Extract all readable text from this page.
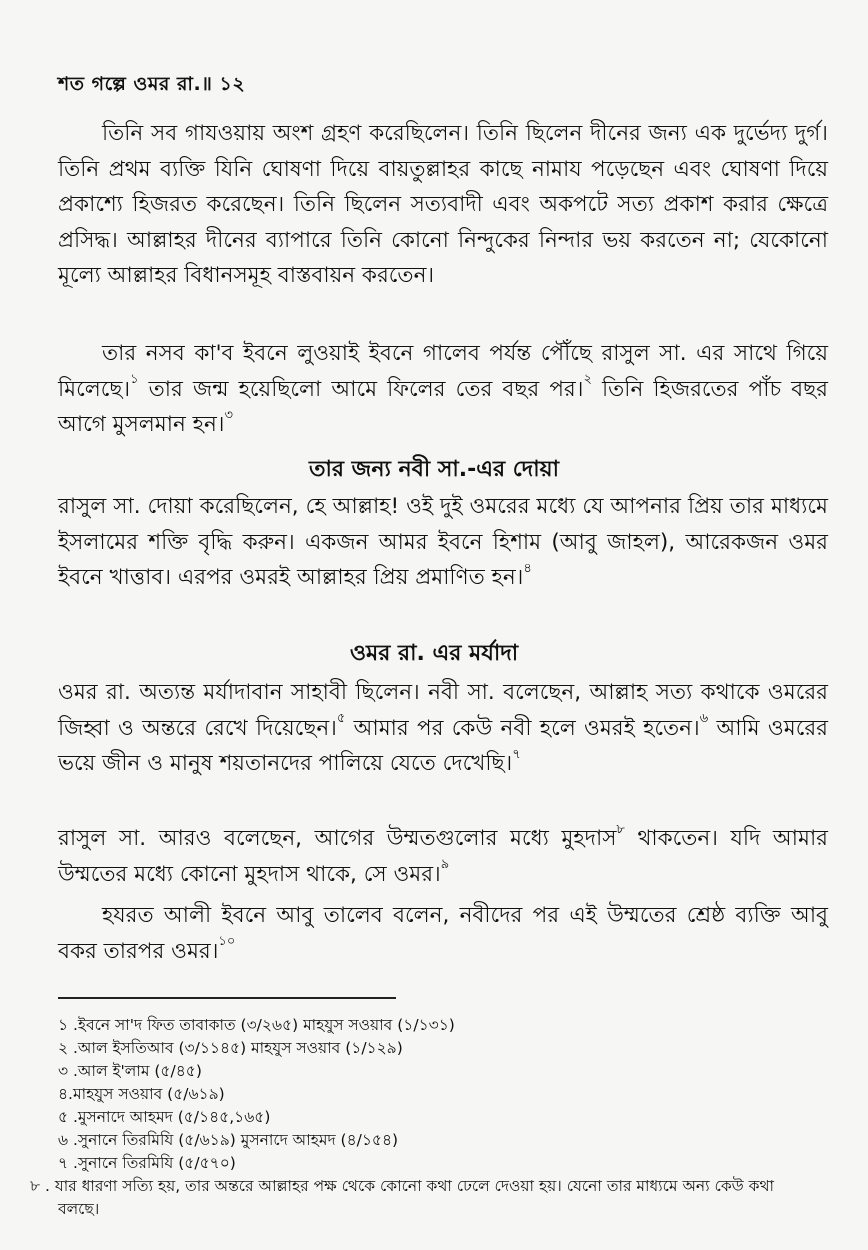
শত গল্পে ওমর রা.॥ ১২

তিনি সব গাযওয়ায় অংশ গ্রহণ করেছিলেন। তিনি ছিলেন দীনের জন্য এক দুর্ভেদ্য দুর্গ। তিনি প্রথম ব্যক্তি যিনি ঘোষণা দিয়ে বায়তুল্লাহর কাছে নামায পড়েছেন এবং ঘোষণা দিয়ে প্রকাশ্যে হিজরত করেছেন। তিনি ছিলেন সত্যবাদী এবং অকপটে সত্য প্রকাশ করার ক্ষেত্রে প্রসিদ্ধ। আল্লাহর দীনের ব্যাপারে তিনি কোনো নিন্দুকের নিন্দার ভয় করতেন না; যেকোনো মূল্যে আল্লাহর বিধানসমূহ বাস্তবায়ন করতেন।

তার নসব কা'ব ইবনে লুওয়াই ইবনে গালেব পর্যন্ত পৌঁছে রাসুল সা. এর সাথে গিয়ে মিলেছে।$^১$ তার জন্ম হয়েছিলো আমে ফিলের তের বছর পর।$^২$ তিনি হিজরতের পাঁচ বছর আগে মুসলমান হন।$^৩$

তার জন্য নবী সা.-এর দোয়া

রাসুল সা. দোয়া করেছিলেন, হে আল্লাহ! ওই দুই ওমরের মধ্যে যে আপনার প্রিয় তার মাধ্যমে ইসলামের শক্তি বৃদ্ধি করুন। একজন আমর ইবনে হিশাম (আবু জাহল), আরেকজন ওমর ইবনে খাত্তাব। এরপর ওমরই আল্লাহর প্রিয় প্রমাণিত হন।$^৪$

ওমর রা. এর মর্যাদা

ওমর রা. অত্যন্ত মর্যাদাবান সাহাবী ছিলেন। নবী সা. বলেছেন, আল্লাহ সত্য কথাকে ওমরের জিহ্বা ও অন্তরে রেখে দিয়েছেন।$^৫$ আমার পর কেউ নবী হলে ওমরই হতেন।$^৬$ আমি ওমরের ভয়ে জীন ও মানুষ শয়তানদের পালিয়ে যেতে দেখেছি।$^৭$

রাসুল সা. আরও বলেছেন, আগের উম্মতগুলোর মধ্যে মুহদাস$^৮$ থাকতেন। যদি আমার উম্মতের মধ্যে কোনো মুহদাস থাকে, সে ওমর।$^৯$

হযরত আলী ইবনে আবু তালেব বলেন, নবীদের পর এই উম্মতের শ্রেষ্ঠ ব্যক্তি আবু বকর তারপর ওমর।$^{১০}$

১ .ইবনে সা'দ ফিত তাবাকাত (৩/২৬৫) মাহযুস সওয়াব (১/১৩১)
২ .আল ইসতিআব (৩/১১৪৫) মাহযুস সওয়াব (১/১২৯)
৩ .আল ই'লাম (৫/৪৫)
৪.মাহযুস সওয়াব (৫/৬১৯)
৫ .মুসনাদে আহমদ (৫/১৪৫,১৬৫)
৬ .সুনানে তিরমিযি (৫/৬১৯) মুসনাদে আহমদ (৪/১৫৪)
৭ .সুনানে তিরমিযি (৫/৫৭০)
৮ . যার ধারণা সত্যি হয়, তার অন্তরে আল্লাহর পক্ষ থেকে কোনো কথা ঢেলে দেওয়া হয়। যেনো তার মাধ্যমে অন্য কেউ কথা বলছে।
